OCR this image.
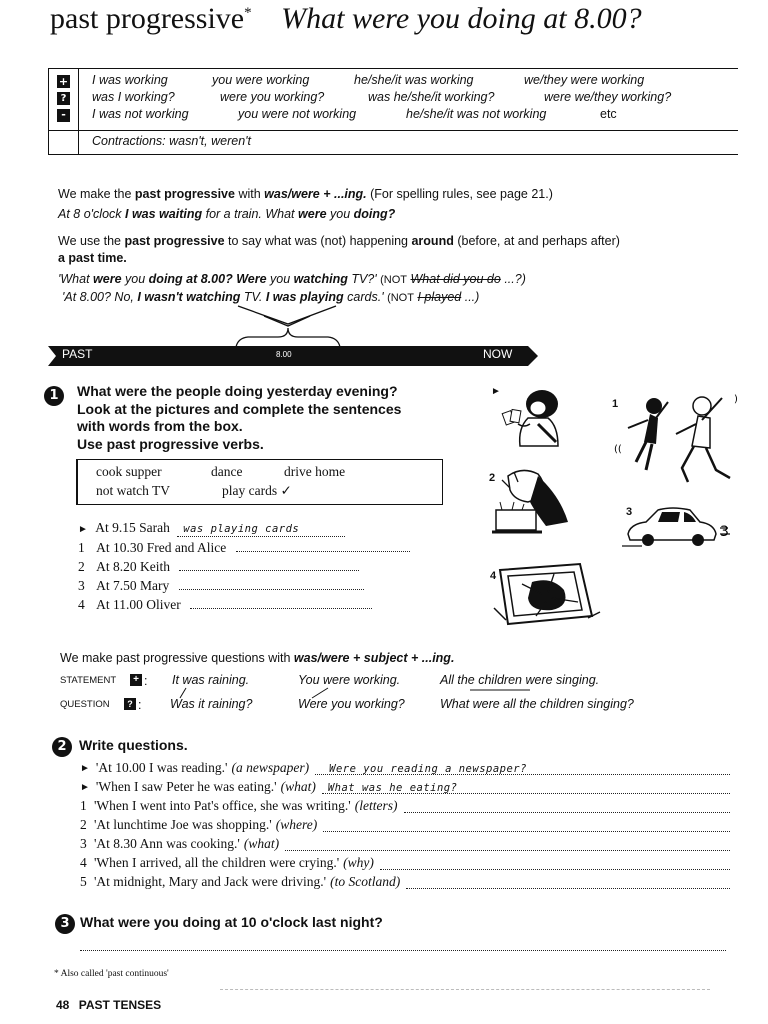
past progressive* What were you doing at 8.00?
+
?
-
I was working	you were working	he/she/it was working	we/they were working
was I working?	were you working?	was he/she/it working?	were we/they working?
I was not working	you were not working	he/she/it was not working	etc
Contractions: wasn't, weren't
We make the past progressive with was/were + ...ing. (For spelling rules, see page 21.)
At 8 o'clock I was waiting for a train. What were you doing?
We use the past progressive to say what was (not) happening around (before, at and perhaps after)
a past time.
'What were you doing at 8.00? Were you watching TV?' (NOT What did you do ...?)
'At 8.00? No, I wasn't watching TV. I was playing cards.' (NOT I played ...)
PAST	8.00	NOW
1	What were the people doing yesterday evening?
Look at the pictures and complete the sentences
with words from the box.
Use past progressive verbs.
cook supper	dance	drive home
not watch TV	play cards ✓
► At 9.15 Sarah was playing cards
1 At 10.30 Fred and Alice
2 At 8.20 Keith
3 At 7.50 Mary
4 At 11.00 Oliver
►
1	)
((
2
3
3
4
We make past progressive questions with was/were + subject + ...ing.
STATEMENT	+ : It was raining.	You were working.	All the children were singing.
QUESTION	? : Was it raining?	Were you working?	What were all the children singing?
2 Write questions.
► 'At 10.00 I was reading.' (a newspaper)	Were you reading a newspaper?
► 'When I saw Peter he was eating.' (what)	What was he eating?
1 'When I went into Pat's office, she was writing.' (letters)
2 'At lunchtime Joe was shopping.' (where)
3 'At 8.30 Ann was cooking.' (what)
4 'When I arrived, all the children were crying.' (why)
5 'At midnight, Mary and Jack were driving.' (to Scotland)
3 What were you doing at 10 o'clock last night?
* Also called 'past continuous'
48 PAST TENSES
